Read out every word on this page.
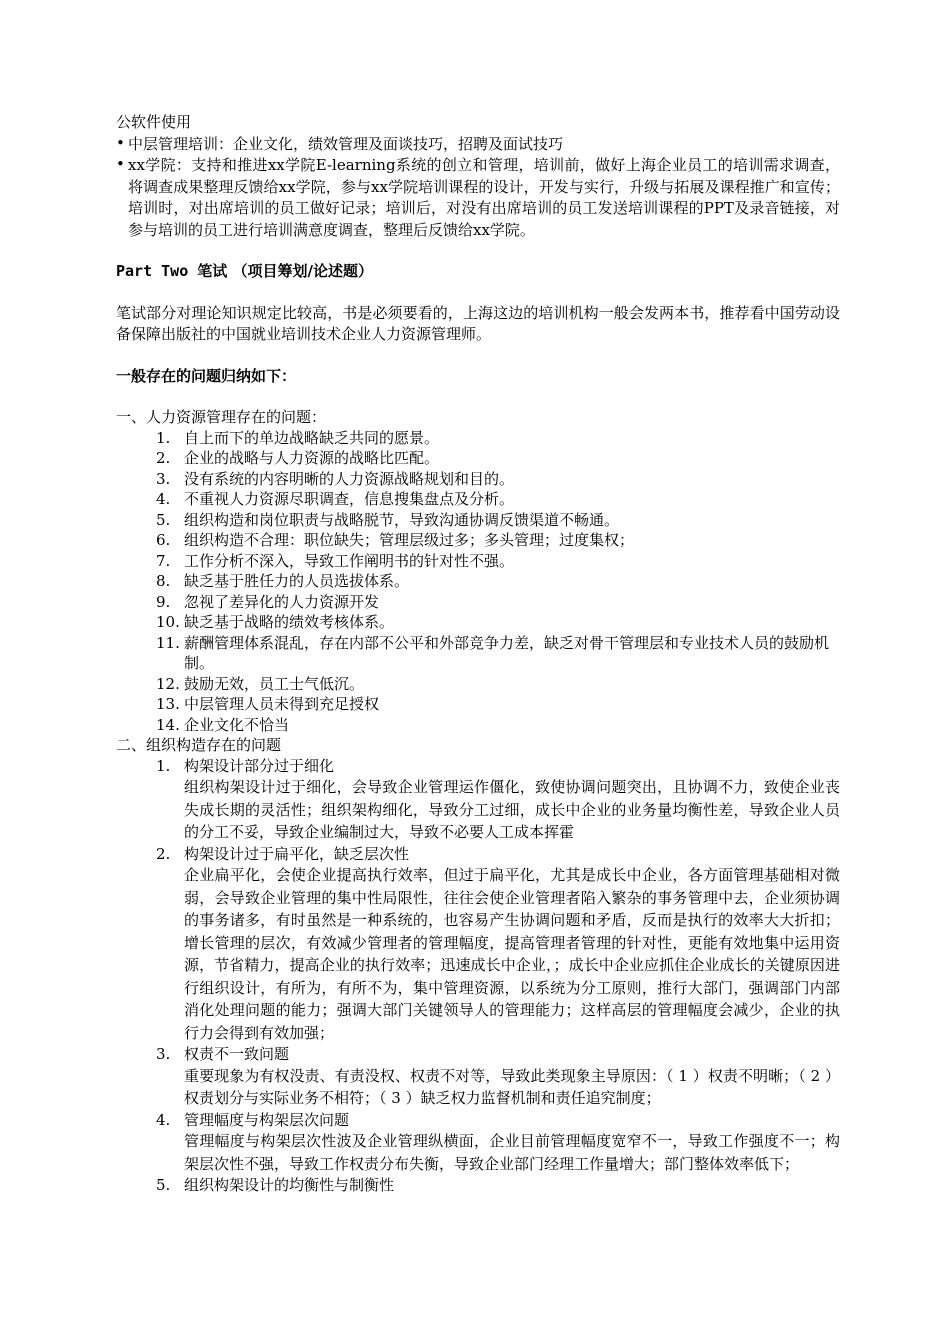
公软件使用

• 中层管理培训：企业文化，绩效管理及面谈技巧，招聘及面试技巧

• xx学院：支持和推进xx学院E-learning系统的创立和管理，培训前，做好上海企业员工的培训需求调查，将调查成果整理反馈给xx学院，参与xx学院培训课程的设计，开发与实行，升级与拓展及课程推广和宣传；培训时，对出席培训的员工做好记录；培训后，对没有出席培训的员工发送培训课程的PPT及录音链接，对参与培训的员工进行培训满意度调查，整理后反馈给xx学院。

Part Two 笔试 （项目筹划/论述题）

笔试部分对理论知识规定比较高，书是必须要看的，上海这边的培训机构一般会发两本书，推荐看中国劳动设备保障出版社的中国就业培训技术企业人力资源管理师。

一般存在的问题归纳如下：

一、人力资源管理存在的问题：

1. 自上而下的单边战略缺乏共同的愿景。
2. 企业的战略与人力资源的战略比匹配。
3. 没有系统的内容明晰的人力资源战略规划和目的。
4. 不重视人力资源尽职调查，信息搜集盘点及分析。
5. 组织构造和岗位职责与战略脱节，导致沟通协调反馈渠道不畅通。
6. 组织构造不合理：职位缺失；管理层级过多；多头管理；过度集权；
7. 工作分析不深入，导致工作阐明书的针对性不强。
8. 缺乏基于胜任力的人员选拔体系。
9. 忽视了差异化的人力资源开发
10. 缺乏基于战略的绩效考核体系。
11. 薪酬管理体系混乱，存在内部不公平和外部竞争力差，缺乏对骨干管理层和专业技术人员的鼓励机制。
12. 鼓励无效，员工士气低沉。
13. 中层管理人员未得到充足授权
14. 企业文化不恰当

二、组织构造存在的问题

1. 构架设计部分过于细化

组织构架设计过于细化，会导致企业管理运作僵化，致使协调问题突出，且协调不力，致使企业丧失成长期的灵活性；组织架构细化，导致分工过细，成长中企业的业务量均衡性差，导致企业人员的分工不妥，导致企业编制过大，导致不必要人工成本挥霍

2. 构架设计过于扁平化，缺乏层次性

企业扁平化，会使企业提高执行效率，但过于扁平化，尤其是成长中企业，各方面管理基础相对微弱，会导致企业管理的集中性局限性，往往会使企业管理者陷入繁杂的事务管理中去，企业须协调的事务诸多，有时虽然是一种系统的，也容易产生协调问题和矛盾，反而是执行的效率大大折扣；增长管理的层次，有效减少管理者的管理幅度，提高管理者管理的针对性，更能有效地集中运用资源，节省精力，提高企业的执行效率；迅速成长中企业，；成长中企业应抓住企业成长的关键原因进行组织设计，有所为，有所不为，集中管理资源，以系统为分工原则，推行大部门，强调部门内部消化处理问题的能力；强调大部门关键领导人的管理能力；这样高层的管理幅度会减少，企业的执行力会得到有效加强；

3. 权责不一致问题

重要现象为有权没责、有责没权、权责不对等，导致此类现象主导原因：（ 1 ）权责不明晰；（ 2 ）权责划分与实际业务不相符；（ 3 ）缺乏权力监督机制和责任追究制度；

4. 管理幅度与构架层次问题

管理幅度与构架层次性波及企业管理纵横面，企业目前管理幅度宽窄不一，导致工作强度不一；构架层次性不强，导致工作权责分布失衡，导致企业部门经理工作量增大；部门整体效率低下；

5. 组织构架设计的均衡性与制衡性
